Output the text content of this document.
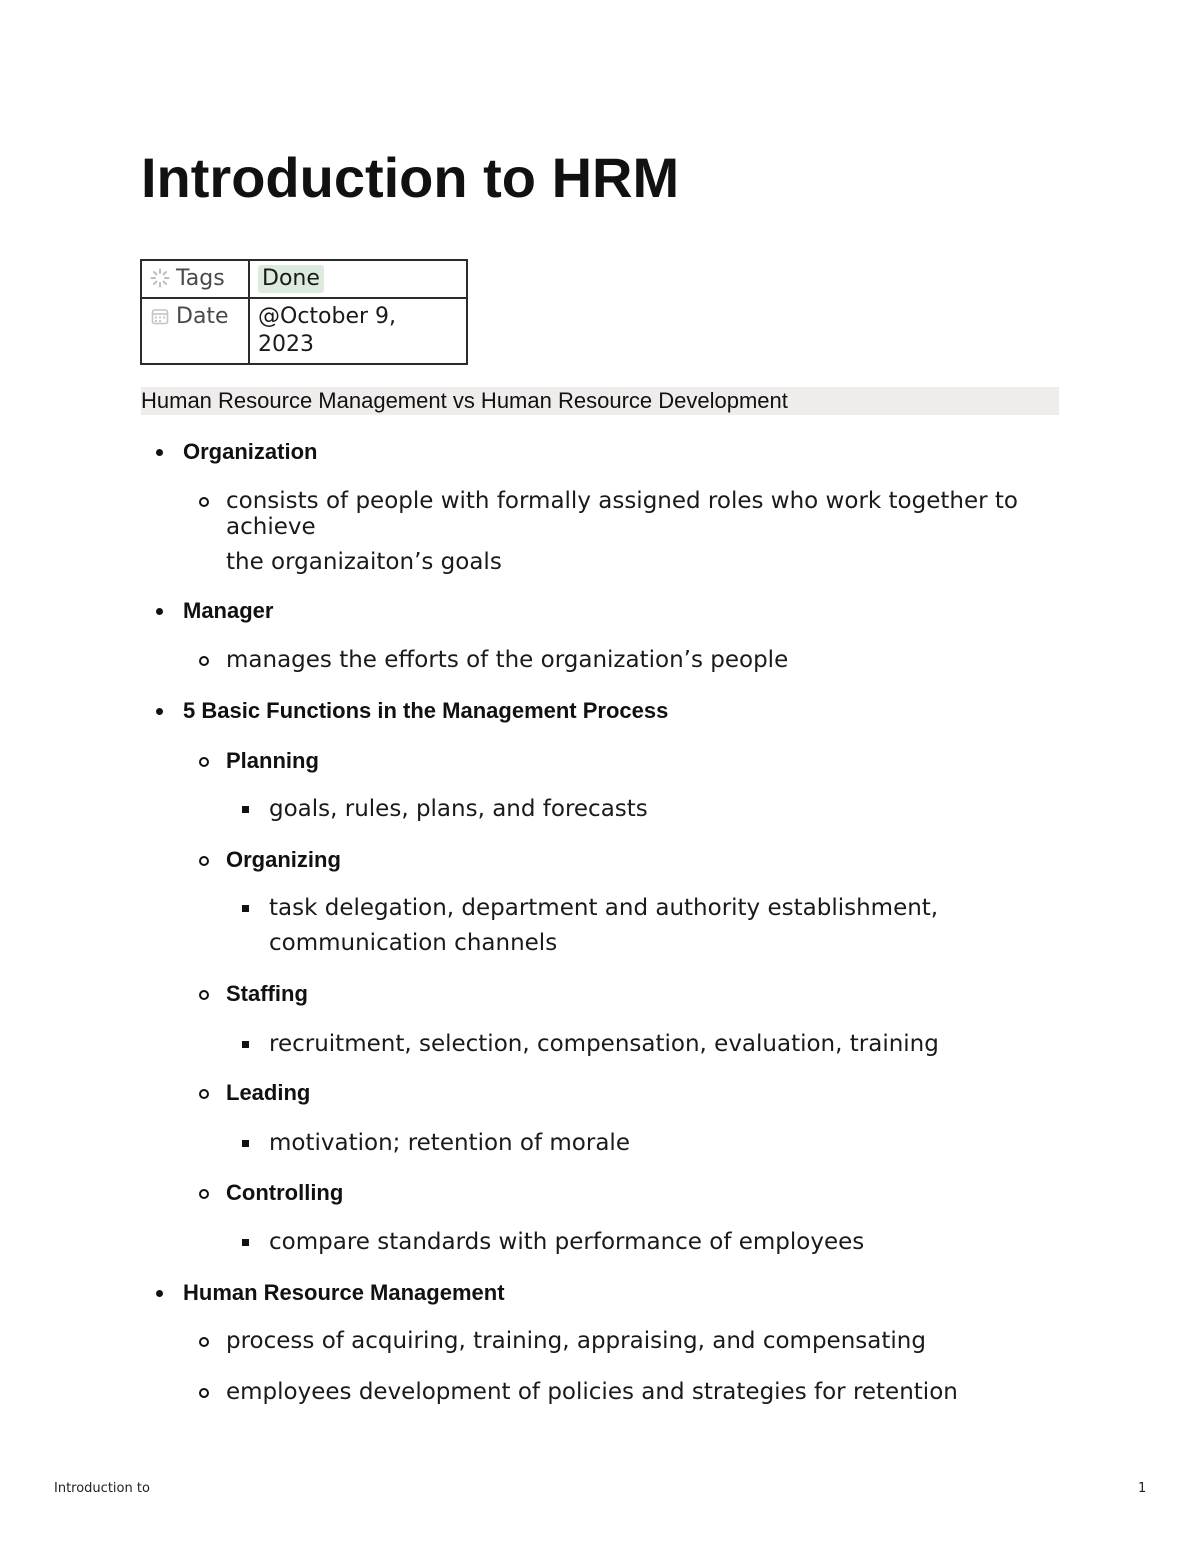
Introduction to HRM
Tags	Done
Date	@October 9,
2023
Human Resource Management vs Human Resource Development
Organization
consists of people with formally assigned roles who work together to
achieve
the organizaiton’s goals
Manager
manages the efforts of the organization’s people
5 Basic Functions in the Management Process
Planning
goals, rules, plans, and forecasts
Organizing
task delegation, department and authority establishment,
communication channels
Staffing
recruitment, selection, compensation, evaluation, training
Leading
motivation; retention of morale
Controlling
compare standards with performance of employees
Human Resource Management
process of acquiring, training, appraising, and compensating
employees development of policies and strategies for retention
Introduction to	1
